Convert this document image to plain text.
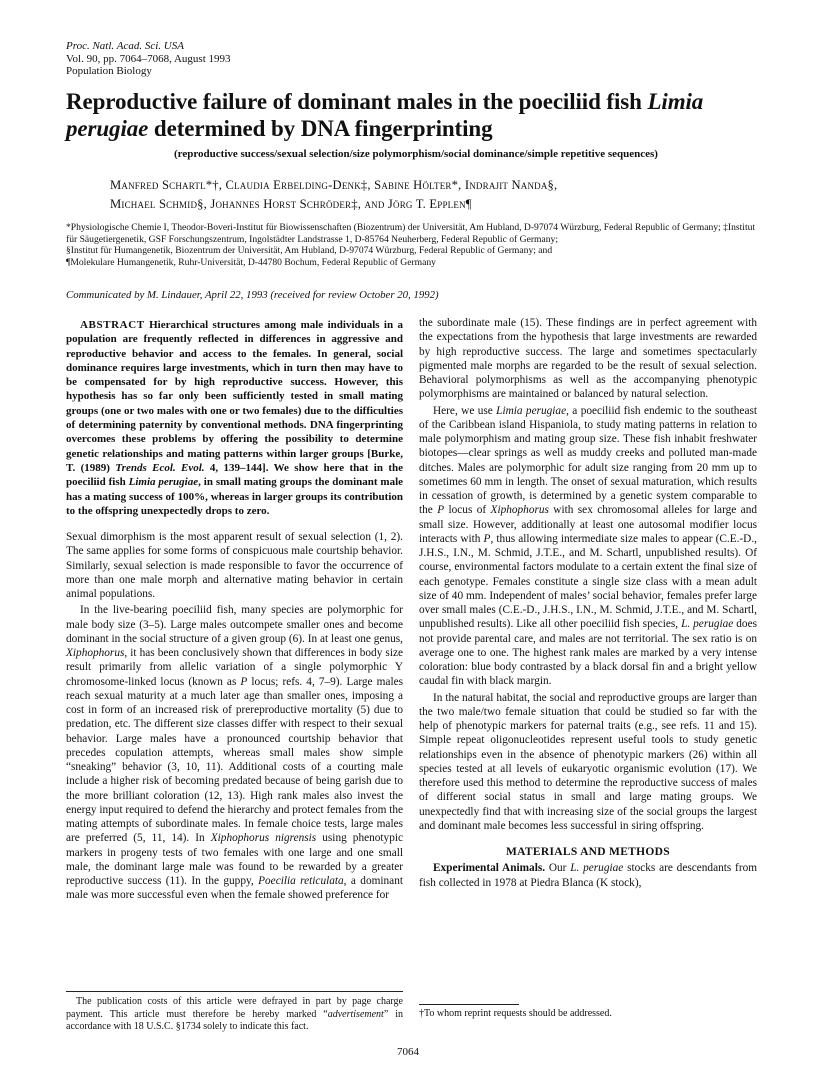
Proc. Natl. Acad. Sci. USA
Vol. 90, pp. 7064–7068, August 1993
Population Biology
Reproductive failure of dominant males in the poeciliid fish Limia perugiae determined by DNA fingerprinting
(reproductive success/sexual selection/size polymorphism/social dominance/simple repetitive sequences)
Manfred Schartl*†, Claudia Erbelding-Denk‡, Sabine Hölter*, Indrajit Nanda§,
Michael Schmid§, Johannes Horst Schröder‡, and Jörg T. Epplen¶
*Physiologische Chemie I, Theodor-Boveri-Institut für Biowissenschaften (Biozentrum) der Universität, Am Hubland, D-97074 Würzburg, Federal Republic of Germany; ‡Institut für Säugetiergenetik, GSF Forschungszentrum, Ingolstädter Landstrasse 1, D-85764 Neuherberg, Federal Republic of Germany;
§Institut für Humangenetik, Biozentrum der Universität, Am Hubland, D-97074 Würzburg, Federal Republic of Germany; and
¶Molekulare Humangenetik, Ruhr-Universität, D-44780 Bochum, Federal Republic of Germany
Communicated by M. Lindauer, April 22, 1993 (received for review October 20, 1992)
ABSTRACT Hierarchical structures among male individuals in a population are frequently reflected in differences in aggressive and reproductive behavior and access to the females. In general, social dominance requires large investments, which in turn then may have to be compensated for by high reproductive success. However, this hypothesis has so far only been sufficiently tested in small mating groups (one or two males with one or two females) due to the difficulties of determining paternity by conventional methods. DNA fingerprinting overcomes these problems by offering the possibility to determine genetic relationships and mating patterns within larger groups [Burke, T. (1989) Trends Ecol. Evol. 4, 139–144]. We show here that in the poeciliid fish Limia perugiae, in small mating groups the dominant male has a mating success of 100%, whereas in larger groups its contribution to the offspring unexpectedly drops to zero.

Sexual dimorphism is the most apparent result of sexual selection (1, 2). The same applies for some forms of conspicuous male courtship behavior. Similarly, sexual selection is made responsible to favor the occurrence of more than one male morph and alternative mating behavior in certain animal populations.

In the live-bearing poeciliid fish, many species are polymorphic for male body size (3–5). Large males outcompete smaller ones and become dominant in the social structure of a given group (6). In at least one genus, Xiphophorus, it has been conclusively shown that differences in body size result primarily from allelic variation of a single polymorphic Y chromosome-linked locus (known as P locus; refs. 4, 7–9). Large males reach sexual maturity at a much later age than smaller ones, imposing a cost in form of an increased risk of prereproductive mortality (5) due to predation, etc. The different size classes differ with respect to their sexual behavior. Large males have a pronounced courtship behavior that precedes copulation attempts, whereas small males show simple “sneaking” behavior (3, 10, 11). Additional costs of a courting male include a higher risk of becoming predated because of being garish due to the more brilliant coloration (12, 13). High rank males also invest the energy input required to defend the hierarchy and protect females from the mating attempts of subordinate males. In female choice tests, large males are preferred (5, 11, 14). In Xiphophorus nigrensis using phenotypic markers in progeny tests of two females with one large and one small male, the dominant large male was found to be rewarded by a greater reproductive success (11). In the guppy, Poecilia reticulata, a dominant male was more successful even when the female showed preference for

the subordinate male (15). These findings are in perfect agreement with the expectations from the hypothesis that large investments are rewarded by high reproductive success. The large and sometimes spectacularly pigmented male morphs are regarded to be the result of sexual selection. Behavioral polymorphisms as well as the accompanying phenotypic polymorphisms are maintained or balanced by natural selection.

Here, we use Limia perugiae, a poeciliid fish endemic to the southeast of the Caribbean island Hispaniola, to study mating patterns in relation to male polymorphism and mating group size. These fish inhabit freshwater biotopes—clear springs as well as muddy creeks and polluted man-made ditches. Males are polymorphic for adult size ranging from 20 mm up to sometimes 60 mm in length. The onset of sexual maturation, which results in cessation of growth, is determined by a genetic system comparable to the P locus of Xiphophorus with sex chromosomal alleles for large and small size. However, additionally at least one autosomal modifier locus interacts with P, thus allowing intermediate size males to appear (C.E.-D., J.H.S., I.N., M. Schmid, J.T.E., and M. Schartl, unpublished results). Of course, environmental factors modulate to a certain extent the final size of each genotype. Females constitute a single size class with a mean adult size of 40 mm. Independent of males’ social behavior, females prefer large over small males (C.E.-D., J.H.S., I.N., M. Schmid, J.T.E., and M. Schartl, unpublished results). Like all other poeciliid fish species, L. perugiae does not provide parental care, and males are not territorial. The sex ratio is on average one to one. The highest rank males are marked by a very intense coloration: blue body contrasted by a black dorsal fin and a bright yellow caudal fin with black margin.

In the natural habitat, the social and reproductive groups are larger than the two male/two female situation that could be studied so far with the help of phenotypic markers for paternal traits (e.g., see refs. 11 and 15). Simple repeat oligonucleotides represent useful tools to study genetic relationships even in the absence of phenotypic markers (26) within all species tested at all levels of eukaryotic organismic evolution (17). We therefore used this method to determine the reproductive success of males of different social status in small and large mating groups. We unexpectedly find that with increasing size of the social groups the largest and dominant male becomes less successful in siring offspring.

MATERIALS AND METHODS

Experimental Animals. Our L. perugiae stocks are descendants from fish collected in 1978 at Piedra Blanca (K stock),

The publication costs of this article were defrayed in part by page charge payment. This article must therefore be hereby marked “advertisement” in accordance with 18 U.S.C. §1734 solely to indicate this fact.
†To whom reprint requests should be addressed.
7064
